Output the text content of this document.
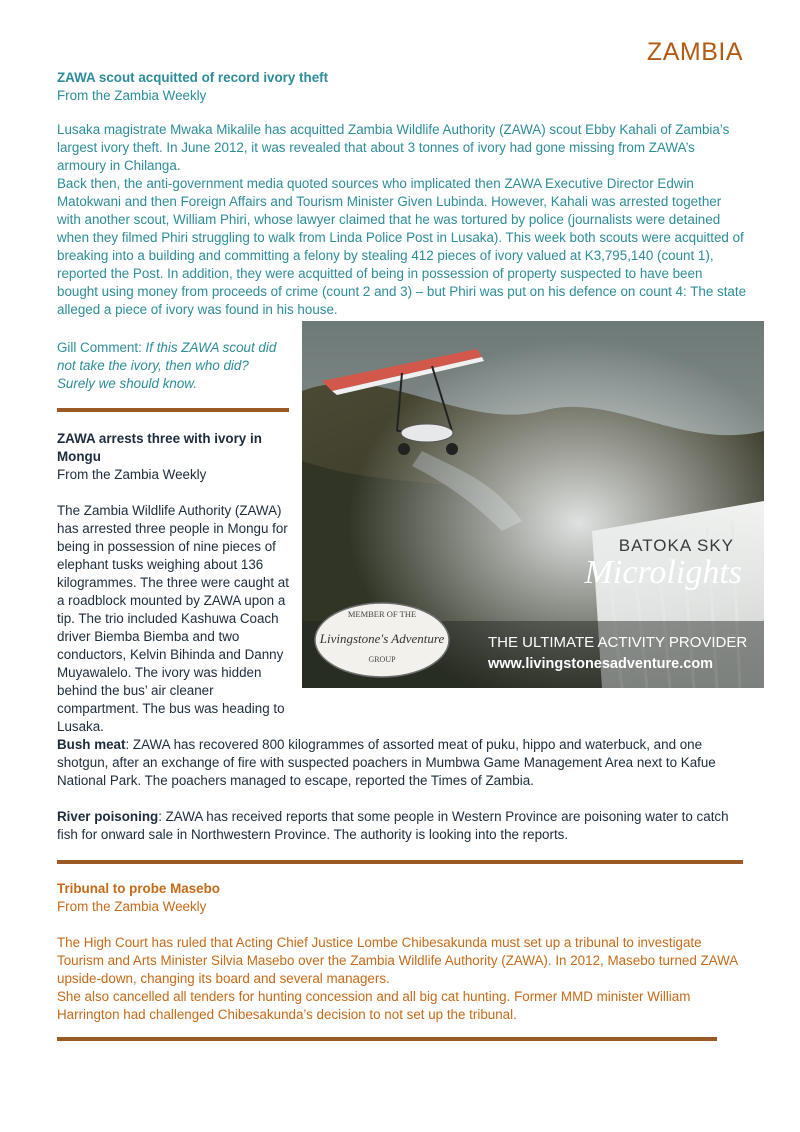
ZAMBIA
ZAWA scout acquitted of record ivory theft
From the Zambia Weekly

Lusaka magistrate Mwaka Mikalile has acquitted Zambia Wildlife Authority (ZAWA) scout Ebby Kahali of Zambia’s largest ivory theft. In June 2012, it was revealed that about 3 tonnes of ivory had gone missing from ZAWA’s armoury in Chilanga.

Back then, the anti-government media quoted sources who implicated then ZAWA Executive Director Edwin Matokwani and then Foreign Affairs and Tourism Minister Given Lubinda. However, Kahali was arrested together with another scout, William Phiri, whose lawyer claimed that he was tortured by police (journalists were detained when they filmed Phiri struggling to walk from Linda Police Post in Lusaka). This week both scouts were acquitted of breaking into a building and committing a felony by stealing 412 pieces of ivory valued at K3,795,140 (count 1), reported the Post. In addition, they were acquitted of being in possession of property suspected to have been bought using money from proceeds of crime (count 2 and 3) – but Phiri was put on his defence on count 4: The state alleged a piece of ivory was found in his house.

Gill Comment: If this ZAWA scout did not take the ivory, then who did? Surely we should know.
ZAWA arrests three with ivory in Mongu
From the Zambia Weekly
The Zambia Wildlife Authority (ZAWA) has arrested three people in Mongu for being in possession of nine pieces of elephant tusks weighing about 136 kilogrammes. The three were caught at a roadblock mounted by ZAWA upon a tip. The trio included Kashuwa Coach driver Biemba Biemba and two conductors, Kelvin Bihinda and Danny Muyawalelo. The ivory was hidden behind the bus’ air cleaner compartment. The bus was heading to Lusaka.
MEMBER OF THE
Livingstone's Adventure
GROUP
BATOKA SKY
Microlights
THE ULTIMATE ACTIVITY PROVIDER
www.livingstonesadventure.com
Bush meat: ZAWA has recovered 800 kilogrammes of assorted meat of puku, hippo and waterbuck, and one shotgun, after an exchange of fire with suspected poachers in Mumbwa Game Management Area next to Kafue National Park. The poachers managed to escape, reported the Times of Zambia.
River poisoning: ZAWA has received reports that some people in Western Province are poisoning water to catch fish for onward sale in Northwestern Province. The authority is looking into the reports.
Tribunal to probe Masebo
From the Zambia Weekly

The High Court has ruled that Acting Chief Justice Lombe Chibesakunda must set up a tribunal to investigate Tourism and Arts Minister Silvia Masebo over the Zambia Wildlife Authority (ZAWA). In 2012, Masebo turned ZAWA upside-down, changing its board and several managers.

She also cancelled all tenders for hunting concession and all big cat hunting. Former MMD minister William Harrington had challenged Chibesakunda’s decision to not set up the tribunal.
